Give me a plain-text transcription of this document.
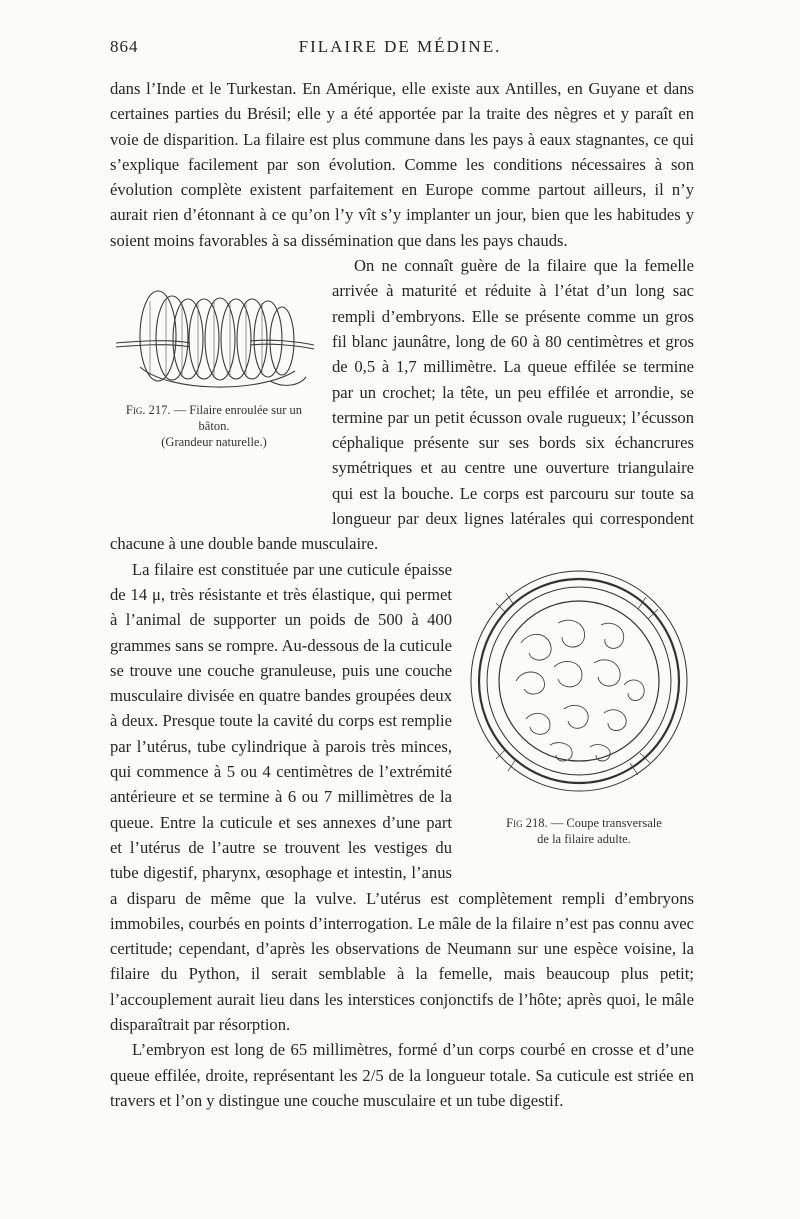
864	FILAIRE DE MÉDINE.

dans l’Inde et le Turkestan. En Amérique, elle existe aux Antilles, en Guyane et dans certaines parties du Brésil; elle y a été apportée par la traite des nègres et y paraît en voie de disparition. La filaire est plus commune dans les pays à eaux stagnantes, ce qui s’explique facilement par son évolution. Comme les conditions nécessaires à son évolution complète existent parfaitement en Europe comme partout ailleurs, il n’y aurait rien d’étonnant à ce qu’on l’y vît s’y implanter un jour, bien que les habitudes y soient moins favorables à sa dissémination que dans les pays chauds.

Fig. 217. — Filaire enroulée sur un bâton.
(Grandeur naturelle.)

On ne connaît guère de la filaire que la femelle arrivée à maturité et réduite à l’état d’un long sac rempli d’embryons. Elle se présente comme un gros fil blanc jaunâtre, long de 60 à 80 centimètres et gros de 0,5 à 1,7 millimètre. La queue effilée se termine par un crochet; la tête, un peu effilée et arrondie, se termine par un petit écusson ovale rugueux; l’écusson céphalique présente sur ses bords six échancrures symétriques et au centre une ouverture triangulaire qui est la bouche. Le corps est parcouru sur toute sa longueur par deux lignes latérales qui correspondent chacune à une double bande musculaire.

Fig 218. — Coupe transversale
de la filaire adulte.

La filaire est constituée par une cuticule épaisse de 14 μ, très résistante et très élastique, qui permet à l’animal de supporter un poids de 500 à 400 grammes sans se rompre. Au-dessous de la cuticule se trouve une couche granuleuse, puis une couche musculaire divisée en quatre bandes groupées deux à deux. Presque toute la cavité du corps est remplie par l’utérus, tube cylindrique à parois très minces, qui commence à 5 ou 4 centimètres de l’extrémité antérieure et se termine à 6 ou 7 millimètres de la queue. Entre la cuticule et ses annexes d’une part et l’utérus de l’autre se trouvent les vestiges du tube digestif, pharynx, œsophage et intestin, l’anus a disparu de même que la vulve. L’utérus est complètement rempli d’embryons immobiles, courbés en points d’interrogation. Le mâle de la filaire n’est pas connu avec certitude; cependant, d’après les observations de Neumann sur une espèce voisine, la filaire du Python, il serait semblable à la femelle, mais beaucoup plus petit; l’accouplement aurait lieu dans les interstices conjonctifs de l’hôte; après quoi, le mâle disparaîtrait par résorption.

L’embryon est long de 65 millimètres, formé d’un corps courbé en crosse et d’une queue effilée, droite, représentant les 2/5 de la longueur totale. Sa cuticule est striée en travers et l’on y distingue une couche musculaire et un tube digestif.
